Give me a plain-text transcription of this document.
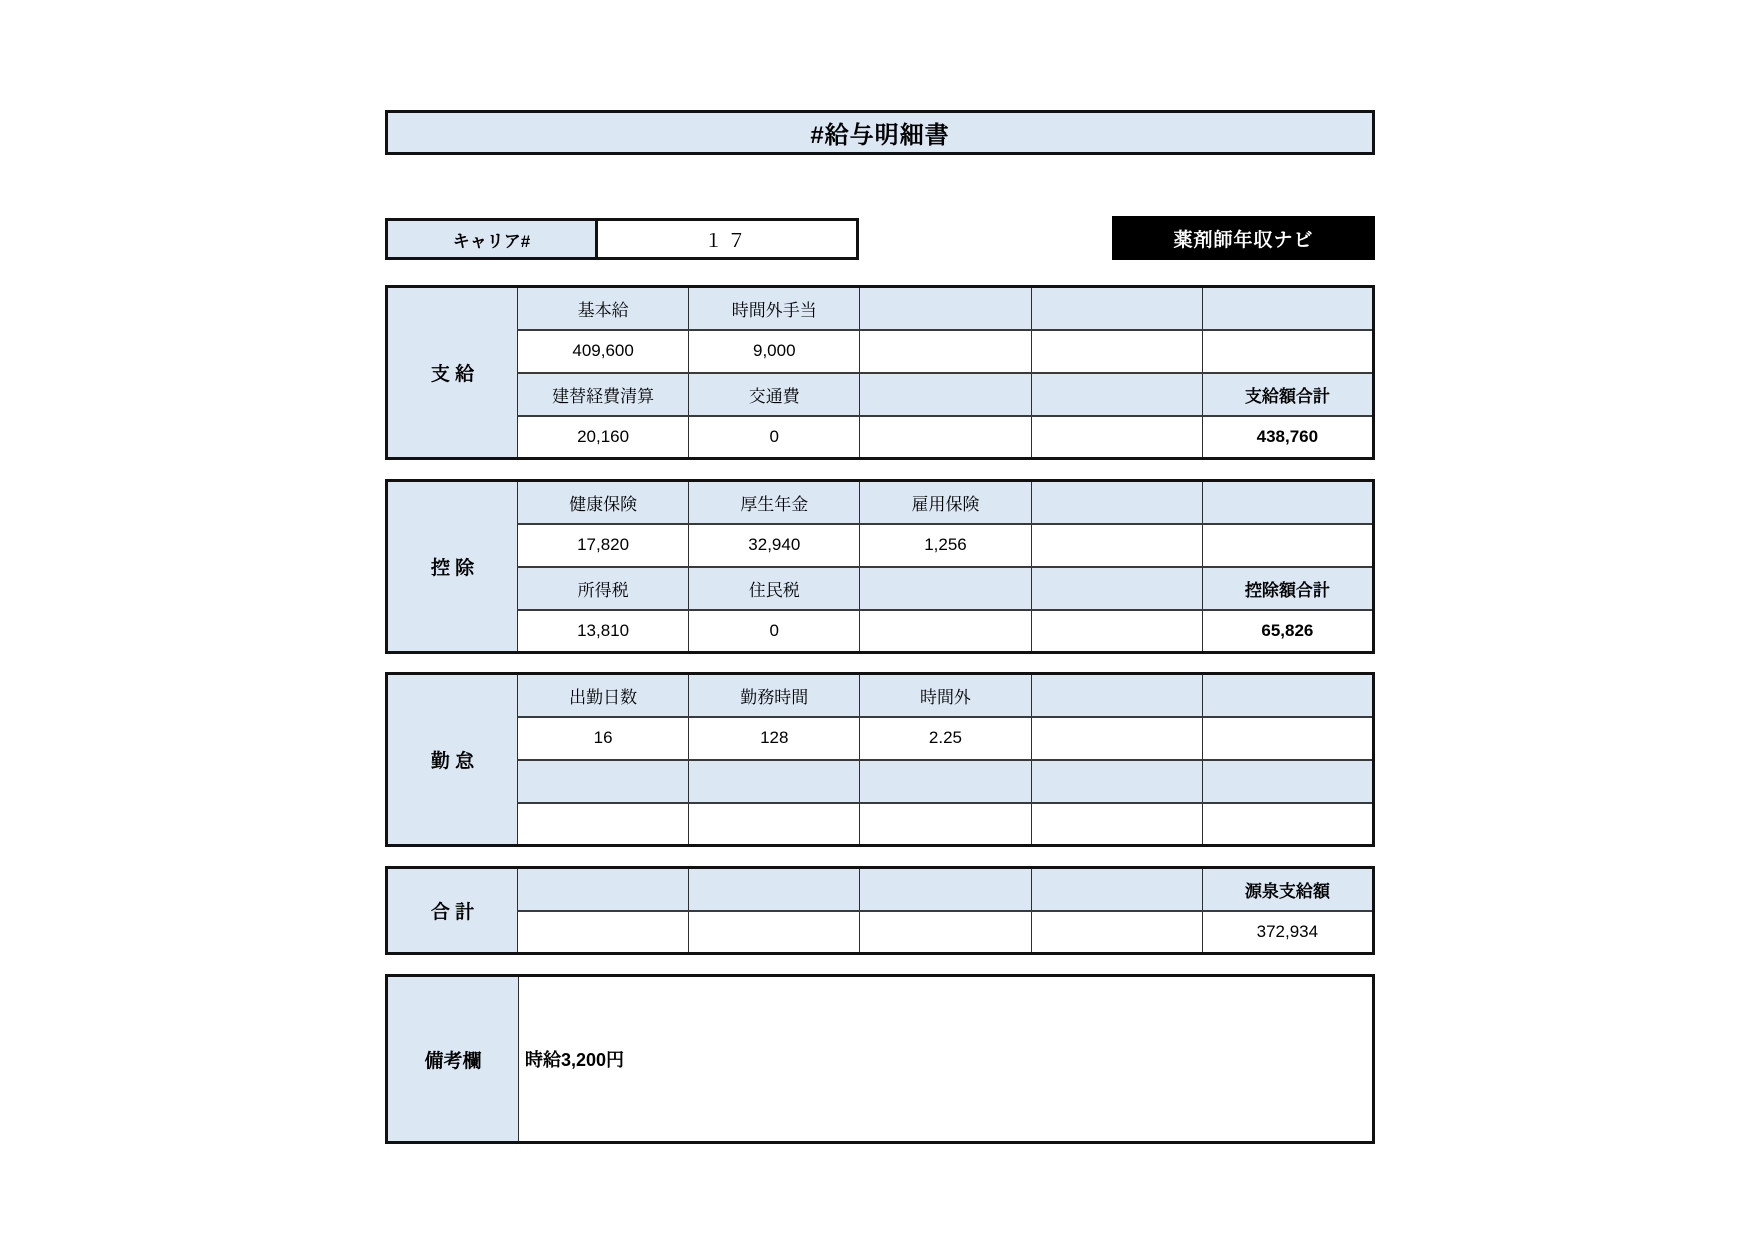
#給与明細書
キャリア#	１７	薬剤師年収ナビ
支 給	基本給	時間外手当			
	409,600	9,000			
	建替経費清算	交通費			支給額合計
	20,160	0			438,760
控 除	健康保険	厚生年金	雇用保険		
	17,820	32,940	1,256		
	所得税	住民税			控除額合計
	13,810	0			65,826
勤 怠	出勤日数	勤務時間	時間外		
	16	128	2.25		

合 計					源泉支給額
					372,934
備考欄	時給3,200円
